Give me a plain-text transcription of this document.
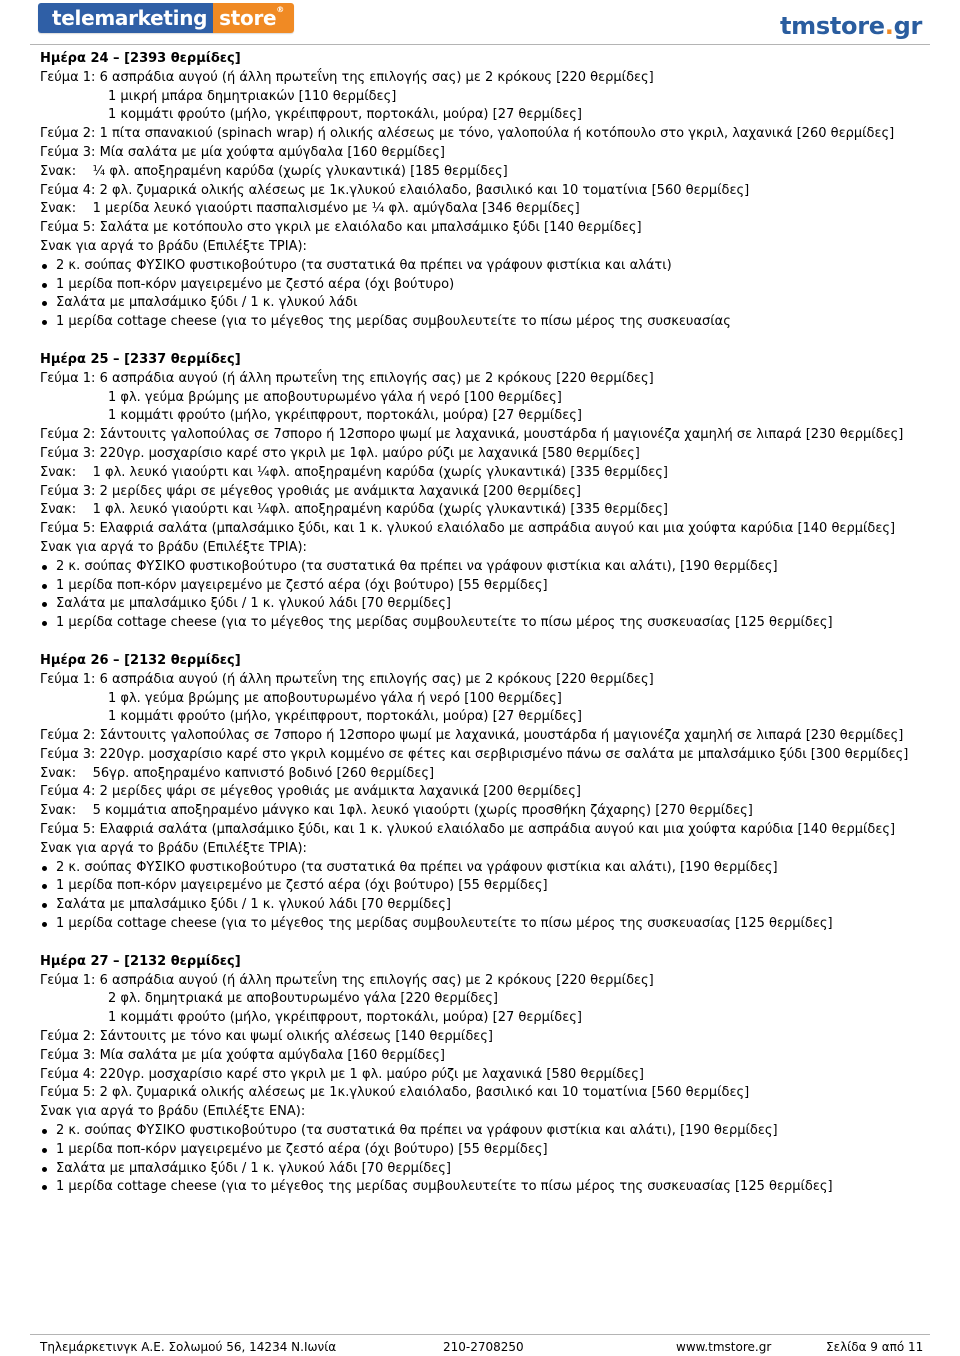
telemarketing store®
tmstore.gr
Ημέρα 24 – [2393 θερμίδες]
Γεύμα 1: 6 ασπράδια αυγού (ή άλλη πρωτεΐνη της επιλογής σας) με 2 κρόκους [220 θερμίδες]
1 μικρή μπάρα δημητριακών [110 θερμίδες]
1 κομμάτι φρούτο (μήλο, γκρέιπφρουτ, πορτοκάλι, μούρα) [27 θερμίδες]
Γεύμα 2: 1 πίτα σπανακιού (spinach wrap) ή ολικής αλέσεως με τόνο, γαλοπούλα ή κοτόπουλο στο γκριλ, λαχανικά [260 θερμίδες]
Γεύμα 3: Μία σαλάτα με μία χούφτα αμύγδαλα [160 θερμίδες]
Σνακ: ¼ φλ. αποξηραμένη καρύδα (χωρίς γλυκαντικά) [185 θερμίδες]
Γεύμα 4: 2 φλ. ζυμαρικά ολικής αλέσεως με 1κ.γλυκού ελαιόλαδο, βασιλικό και 10 τοματίνια [560 θερμίδες]
Σνακ: 1 μερίδα λευκό γιαούρτι πασπαλισμένο με ¼ φλ. αμύγδαλα [346 θερμίδες]
Γεύμα 5: Σαλάτα με κοτόπουλο στο γκριλ με ελαιόλαδο και μπαλσάμικο ξύδι [140 θερμίδες]
Σνακ για αργά το βράδυ (Επιλέξτε ΤΡΙΑ):
2 κ. σούπας ΦΥΣΙΚΟ φυστικοβούτυρο (τα συστατικά θα πρέπει να γράφουν φιστίκια και αλάτι)
1 μερίδα ποπ-κόρν μαγειρεμένο με ζεστό αέρα (όχι βούτυρο)
Σαλάτα με μπαλσάμικο ξύδι / 1 κ. γλυκού λάδι
1 μερίδα cottage cheese (για το μέγεθος της μερίδας συμβουλευτείτε το πίσω μέρος της συσκευασίας
Ημέρα 25 – [2337 θερμίδες]
Γεύμα 1: 6 ασπράδια αυγού (ή άλλη πρωτεΐνη της επιλογής σας) με 2 κρόκους [220 θερμίδες]
1 φλ. γεύμα βρώμης με αποβουτυρωμένο γάλα ή νερό [100 θερμίδες]
1 κομμάτι φρούτο (μήλο, γκρέιπφρουτ, πορτοκάλι, μούρα) [27 θερμίδες]
Γεύμα 2: Σάντουιτς γαλοπούλας σε 7σπορο ή 12σπορο ψωμί με λαχανικά, μουστάρδα ή μαγιονέζα χαμηλή σε λιπαρά [230 θερμίδες]
Γεύμα 3: 220γρ. μοσχαρίσιο καρέ στο γκριλ με 1φλ. μαύρο ρύζι με λαχανικά [580 θερμίδες]
Σνακ: 1 φλ. λευκό γιαούρτι και ¼φλ. αποξηραμένη καρύδα (χωρίς γλυκαντικά) [335 θερμίδες]
Γεύμα 3: 2 μερίδες ψάρι σε μέγεθος γροθιάς με ανάμικτα λαχανικά [200 θερμίδες]
Σνακ: 1 φλ. λευκό γιαούρτι και ¼φλ. αποξηραμένη καρύδα (χωρίς γλυκαντικά) [335 θερμίδες]
Γεύμα 5: Ελαφριά σαλάτα (μπαλσάμικο ξύδι, και 1 κ. γλυκού ελαιόλαδο με ασπράδια αυγού και μια χούφτα καρύδια [140 θερμίδες]
Σνακ για αργά το βράδυ (Επιλέξτε ΤΡΙΑ):
2 κ. σούπας ΦΥΣΙΚΟ φυστικοβούτυρο (τα συστατικά θα πρέπει να γράφουν φιστίκια και αλάτι), [190 θερμίδες]
1 μερίδα ποπ-κόρν μαγειρεμένο με ζεστό αέρα (όχι βούτυρο) [55 θερμίδες]
Σαλάτα με μπαλσάμικο ξύδι / 1 κ. γλυκού λάδι [70 θερμίδες]
1 μερίδα cottage cheese (για το μέγεθος της μερίδας συμβουλευτείτε το πίσω μέρος της συσκευασίας [125 θερμίδες]
Ημέρα 26 – [2132 θερμίδες]
Γεύμα 1: 6 ασπράδια αυγού (ή άλλη πρωτεΐνη της επιλογής σας) με 2 κρόκους [220 θερμίδες]
1 φλ. γεύμα βρώμης με αποβουτυρωμένο γάλα ή νερό [100 θερμίδες]
1 κομμάτι φρούτο (μήλο, γκρέιπφρουτ, πορτοκάλι, μούρα) [27 θερμίδες]
Γεύμα 2: Σάντουιτς γαλοπούλας σε 7σπορο ή 12σπορο ψωμί με λαχανικά, μουστάρδα ή μαγιονέζα χαμηλή σε λιπαρά [230 θερμίδες]
Γεύμα 3: 220γρ. μοσχαρίσιο καρέ στο γκριλ κομμένο σε φέτες και σερβιρισμένο πάνω σε σαλάτα με μπαλσάμικο ξύδι [300 θερμίδες]
Σνακ: 56γρ. αποξηραμένο καπνιστό βοδινό [260 θερμίδες]
Γεύμα 4: 2 μερίδες ψάρι σε μέγεθος γροθιάς με ανάμικτα λαχανικά [200 θερμίδες]
Σνακ: 5 κομμάτια αποξηραμένο μάνγκο και 1φλ. λευκό γιαούρτι (χωρίς προσθήκη ζάχαρης) [270 θερμίδες]
Γεύμα 5: Ελαφριά σαλάτα (μπαλσάμικο ξύδι, και 1 κ. γλυκού ελαιόλαδο με ασπράδια αυγού και μια χούφτα καρύδια [140 θερμίδες]
Σνακ για αργά το βράδυ (Επιλέξτε ΤΡΙΑ):
2 κ. σούπας ΦΥΣΙΚΟ φυστικοβούτυρο (τα συστατικά θα πρέπει να γράφουν φιστίκια και αλάτι), [190 θερμίδες]
1 μερίδα ποπ-κόρν μαγειρεμένο με ζεστό αέρα (όχι βούτυρο) [55 θερμίδες]
Σαλάτα με μπαλσάμικο ξύδι / 1 κ. γλυκού λάδι [70 θερμίδες]
1 μερίδα cottage cheese (για το μέγεθος της μερίδας συμβουλευτείτε το πίσω μέρος της συσκευασίας [125 θερμίδες]
Ημέρα 27 – [2132 θερμίδες]
Γεύμα 1: 6 ασπράδια αυγού (ή άλλη πρωτεΐνη της επιλογής σας) με 2 κρόκους [220 θερμίδες]
2 φλ. δημητριακά με αποβουτυρωμένο γάλα [220 θερμίδες]
1 κομμάτι φρούτο (μήλο, γκρέιπφρουτ, πορτοκάλι, μούρα) [27 θερμίδες]
Γεύμα 2: Σάντουιτς με τόνο και ψωμί ολικής αλέσεως [140 θερμίδες]
Γεύμα 3: Μία σαλάτα με μία χούφτα αμύγδαλα [160 θερμίδες]
Γεύμα 4: 220γρ. μοσχαρίσιο καρέ στο γκριλ με 1 φλ. μαύρο ρύζι με λαχανικά [580 θερμίδες]
Γεύμα 5: 2 φλ. ζυμαρικά ολικής αλέσεως με 1κ.γλυκού ελαιόλαδο, βασιλικό και 10 τοματίνια [560 θερμίδες]
Σνακ για αργά το βράδυ (Επιλέξτε ΕΝΑ):
2 κ. σούπας ΦΥΣΙΚΟ φυστικοβούτυρο (τα συστατικά θα πρέπει να γράφουν φιστίκια και αλάτι), [190 θερμίδες]
1 μερίδα ποπ-κόρν μαγειρεμένο με ζεστό αέρα (όχι βούτυρο) [55 θερμίδες]
Σαλάτα με μπαλσάμικο ξύδι / 1 κ. γλυκού λάδι [70 θερμίδες]
1 μερίδα cottage cheese (για το μέγεθος της μερίδας συμβουλευτείτε το πίσω μέρος της συσκευασίας [125 θερμίδες]
Τηλεμάρκετινγκ Α.Ε. Σολωμού 56, 14234 Ν.Ιωνία	210-2708250	www.tmstore.gr	Σελίδα 9 από 11
